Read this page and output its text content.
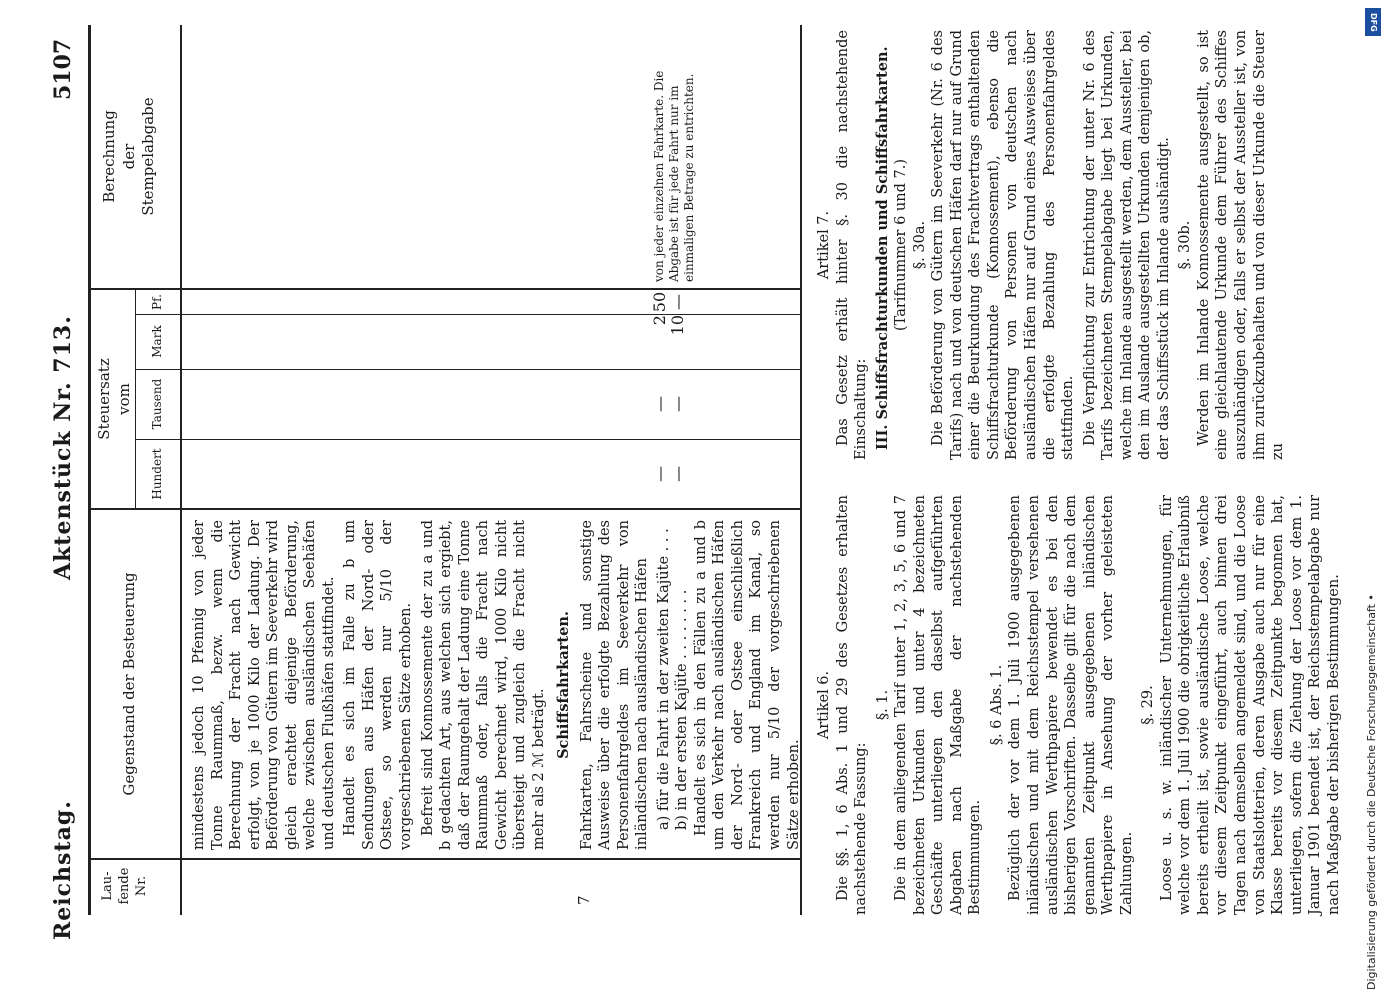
Reichstag.
Aktenstück Nr. 713.
5107
Lau-
fende
Nr.
Gegenstand der Besteuerung
Steuersatz
vom
Hundert
Tausend
Mark
Pf.
Berechnung
der
Stempelabgabe

mindestens jedoch 10 Pfennig von jeder Tonne Raummaß, bezw. wenn die Berechnung der Fracht nach Gewicht erfolgt, von je 1000 Kilo der Ladung. Der Beförderung von Gütern im Seeverkehr wird gleich erachtet diejenige Beförderung, welche zwischen ausländischen Seehäfen und deutschen Flußhäfen stattfindet. Handelt es sich im Falle zu b um Sendungen aus Häfen der Nord- oder Ostsee, so werden nur 5/10 der vorgeschriebenen Sätze erhoben. Befreit sind Konnossemente der zu a und b gedachten Art, aus welchen sich ergiebt, daß der Raumgehalt der Ladung eine Tonne Raummaß oder, falls die Fracht nach Gewicht berechnet wird, 1000 Kilo nicht übersteigt und zugleich die Fracht nicht mehr als 2 ℳ beträgt.

7
Schiffsfahrkarten. Fahrkarten, Fahrscheine und sonstige Ausweise über die erfolgte Bezahlung des Personenfahrgeldes im Seeverkehr von inländischen nach ausländischen Häfen a) für die Fahrt in der zweiten Kajüte . . . b) in der ersten Kajüte . . . . . . . . Handelt es sich in den Fällen zu a und b um den Verkehr nach ausländischen Häfen der Nord- oder Ostsee einschließlich Frankreich und England im Kanal, so werden nur 5/10 der vorgeschriebenen Sätze erhoben.

— —
— —
2 10
50 —
von jeder einzelnen Fahrkarte. Die Abgabe ist für jede Fahrt nur im einmaligen Betrage zu entrichten.
Artikel 6. Die §§. 1, 6 Abs. 1 und 29 des Gesetzes erhalten nachstehende Fassung:

§. 1. Die in dem anliegenden Tarif unter 1, 2, 3, 5, 6 und 7 bezeichneten Urkunden und unter 4 bezeichneten Geschäfte unterliegen den daselbst aufgeführten Abgaben nach Maßgabe der nachstehenden Bestimmungen.

§. 6 Abs. 1. Bezüglich der vor dem 1. Juli 1900 ausgegebenen inländischen und mit dem Reichsstempel versehenen ausländischen Werthpapiere bewendet es bei den bisherigen Vorschriften. Dasselbe gilt für die nach dem genannten Zeitpunkt ausgegebenen inländischen Werthpapiere in Ansehung der vorher geleisteten Zahlungen.

§. 29. Loose u. s. w. inländischer Unternehmungen, für welche vor dem 1. Juli 1900 die obrigkeitliche Erlaubniß bereits ertheilt ist, sowie ausländische Loose, welche vor diesem Zeitpunkt eingeführt, auch binnen drei Tagen nach demselben angemeldet sind, und die Loose von Staatslotterien, deren Ausgabe auch nur für eine Klasse bereits vor diesem Zeitpunkte begonnen hat, unterliegen, sofern die Ziehung der Loose vor dem 1. Januar 1901 beendet ist, der Reichsstempelabgabe nur nach Maßgabe der bisherigen Bestimmungen.

Artikel 7. Das Gesetz erhält hinter §. 30 die nachstehende Einschaltung: III. Schiffsfrachturkunden und Schiffsfahrkarten. (Tarifnummer 6 und 7.) §. 30a. Die Beförderung von Gütern im Seeverkehr (Nr. 6 des Tarifs) nach und von deutschen Häfen darf nur auf Grund einer die Beurkundung des Frachtvertrags enthaltenden Schiffsfrachturkunde (Konnossement), ebenso die Beförderung von Personen von deutschen nach ausländischen Häfen nur auf Grund eines Ausweises über die erfolgte Bezahlung des Personenfahrgeldes stattfinden. Die Verpflichtung zur Entrichtung der unter Nr. 6 des Tarifs bezeichneten Stempelabgabe liegt bei Urkunden, welche im Inlande ausgestellt werden, dem Aussteller, bei den im Auslande ausgestellten Urkunden demjenigen ob, der das Schiffsstück im Inlande aushändigt. §. 30b. Werden im Inlande Konnossemente ausgestellt, so ist eine gleichlautende Urkunde dem Führer des Schiffes auszuhändigen oder, falls er selbst der Aussteller ist, von ihm zurückzubehalten und von dieser Urkunde die Steuer zu

Digitalisierung gefördert durch die Deutsche Forschungsgemeinschaft •
DFG
